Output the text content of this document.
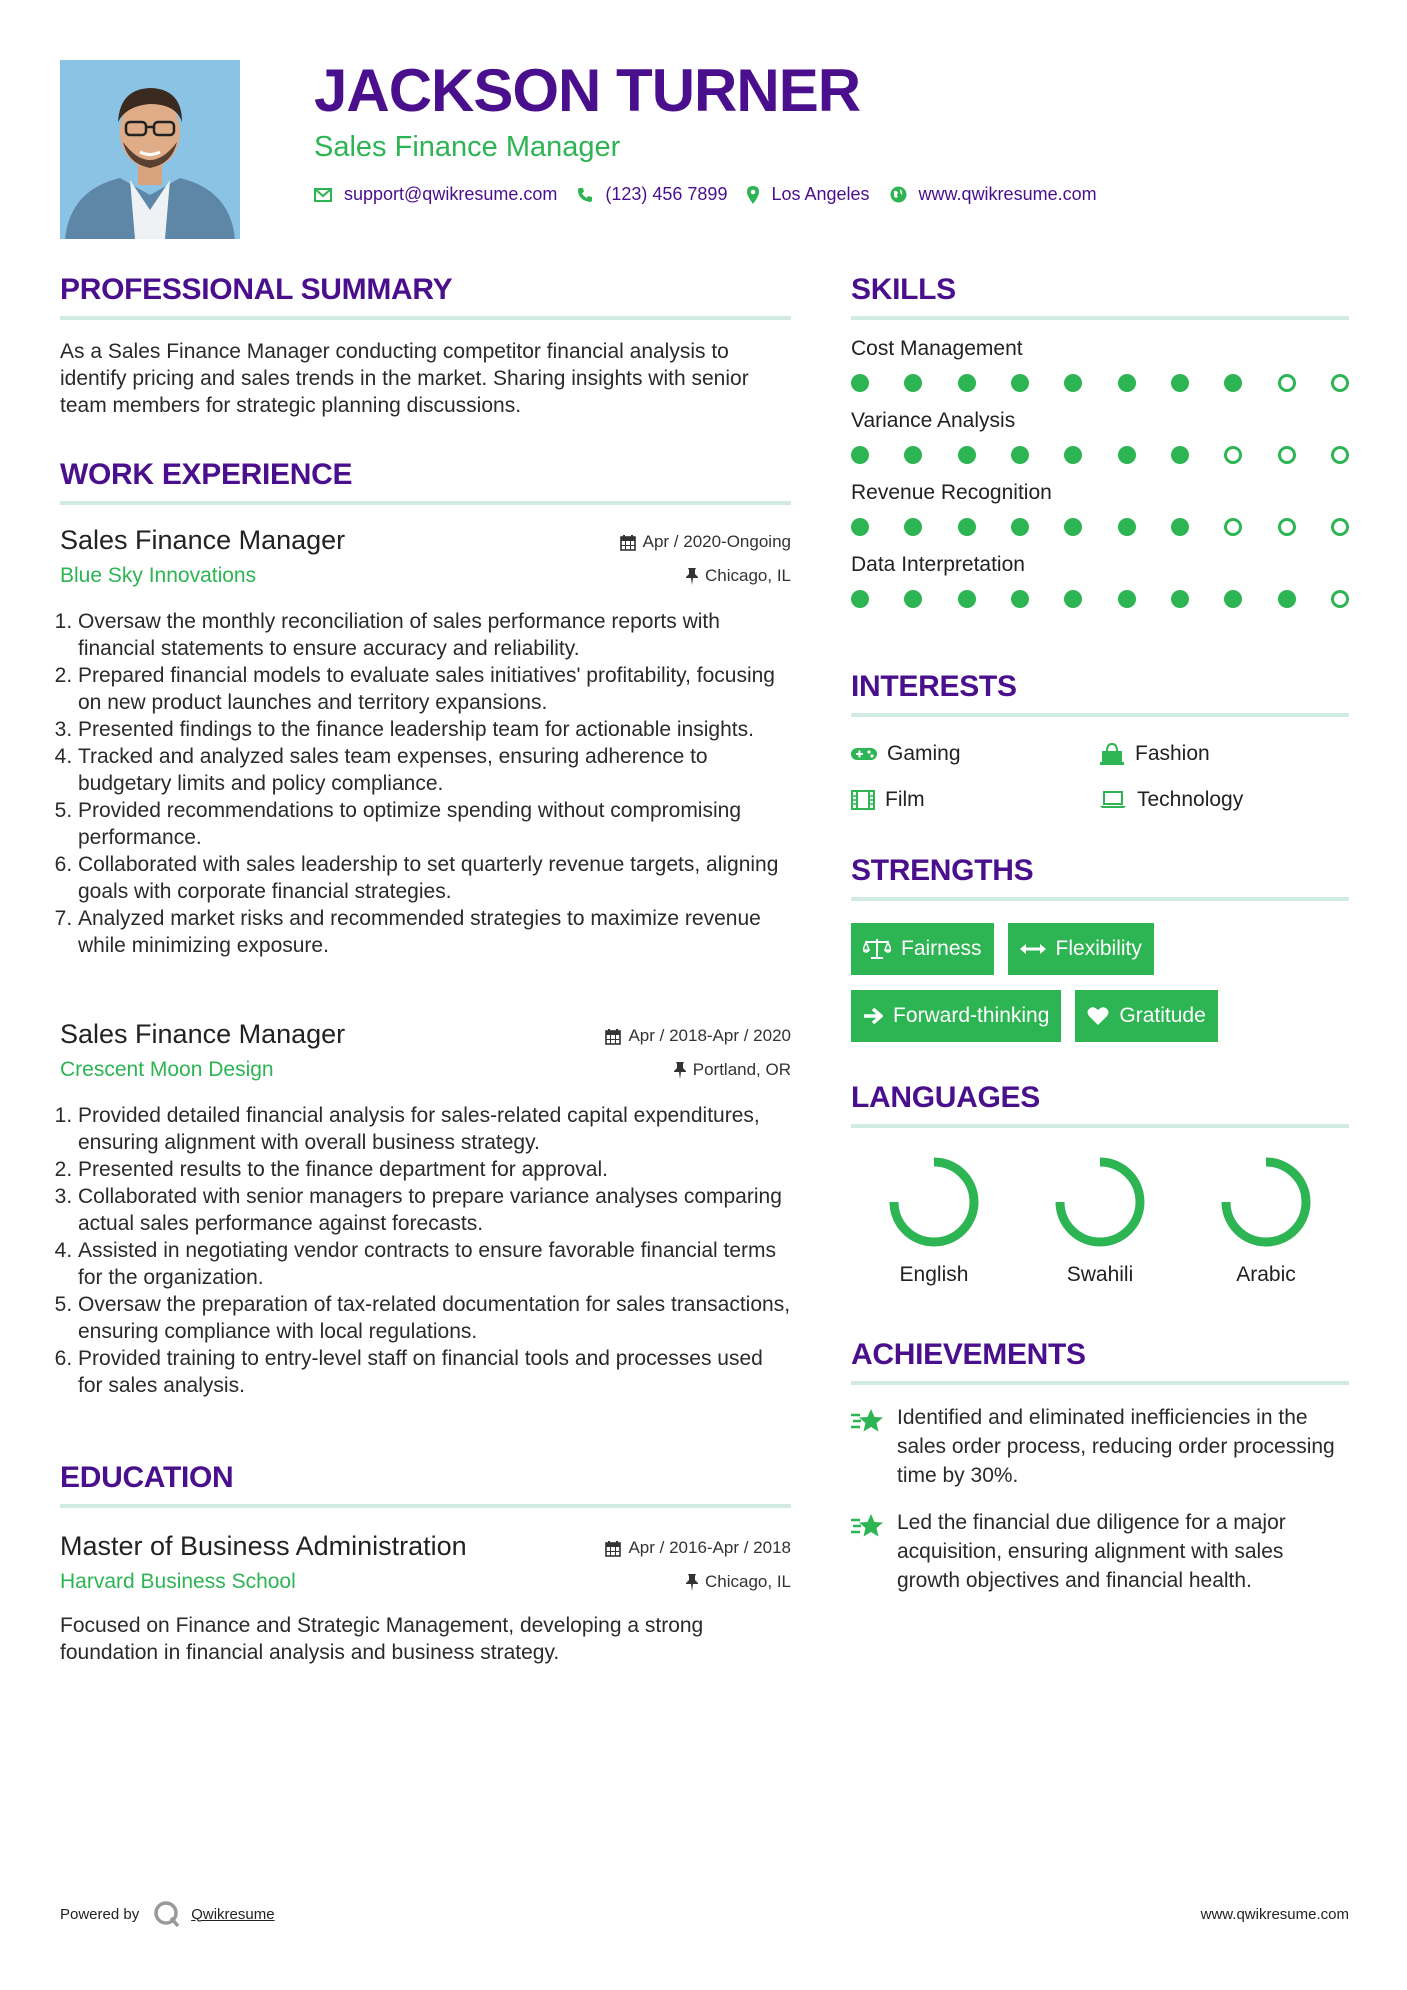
JACKSON TURNER
Sales Finance Manager
support@qwikresume.com	(123) 456 7899 Los Angeles	www.qwikresume.com
PROFESSIONAL SUMMARY
As a Sales Finance Manager conducting competitor financial analysis to identify pricing and sales trends in the market. Sharing insights with senior team members for strategic planning discussions.
WORK EXPERIENCE
Sales Finance Manager
Blue Sky Innovations
Apr / 2020-Ongoing
Chicago, IL
1. Oversaw the monthly reconciliation of sales performance reports with financial statements to ensure accuracy and reliability.
2. Prepared financial models to evaluate sales initiatives' profitability, focusing on new product launches and territory expansions.
3. Presented findings to the finance leadership team for actionable insights.
4. Tracked and analyzed sales team expenses, ensuring adherence to budgetary limits and policy compliance.
5. Provided recommendations to optimize spending without compromising performance.
6. Collaborated with sales leadership to set quarterly revenue targets, aligning goals with corporate financial strategies.
7. Analyzed market risks and recommended strategies to maximize revenue while minimizing exposure.
Sales Finance Manager
Crescent Moon Design
Apr / 2018-Apr / 2020
Portland, OR
1. Provided detailed financial analysis for sales-related capital expenditures, ensuring alignment with overall business strategy.
2. Presented results to the finance department for approval.
3. Collaborated with senior managers to prepare variance analyses comparing actual sales performance against forecasts.
4. Assisted in negotiating vendor contracts to ensure favorable financial terms for the organization.
5. Oversaw the preparation of tax-related documentation for sales transactions, ensuring compliance with local regulations.
6. Provided training to entry-level staff on financial tools and processes used for sales analysis.
EDUCATION
Master of Business Administration
Harvard Business School
Apr / 2016-Apr / 2018
Chicago, IL
Focused on Finance and Strategic Management, developing a strong foundation in financial analysis and business strategy.
SKILLS
Cost Management
Variance Analysis
Revenue Recognition
Data Interpretation
INTERESTS
Gaming	Fashion
Film	Technology
STRENGTHS
Fairness	Flexibility
Forward-thinking	Gratitude
LANGUAGES
English	Swahili	Arabic
ACHIEVEMENTS
Identified and eliminated inefficiencies in the sales order process, reducing order processing time by 30%.
Led the financial due diligence for a major acquisition, ensuring alignment with sales growth objectives and financial health.
Powered by	Qwikresume	www.qwikresume.com
